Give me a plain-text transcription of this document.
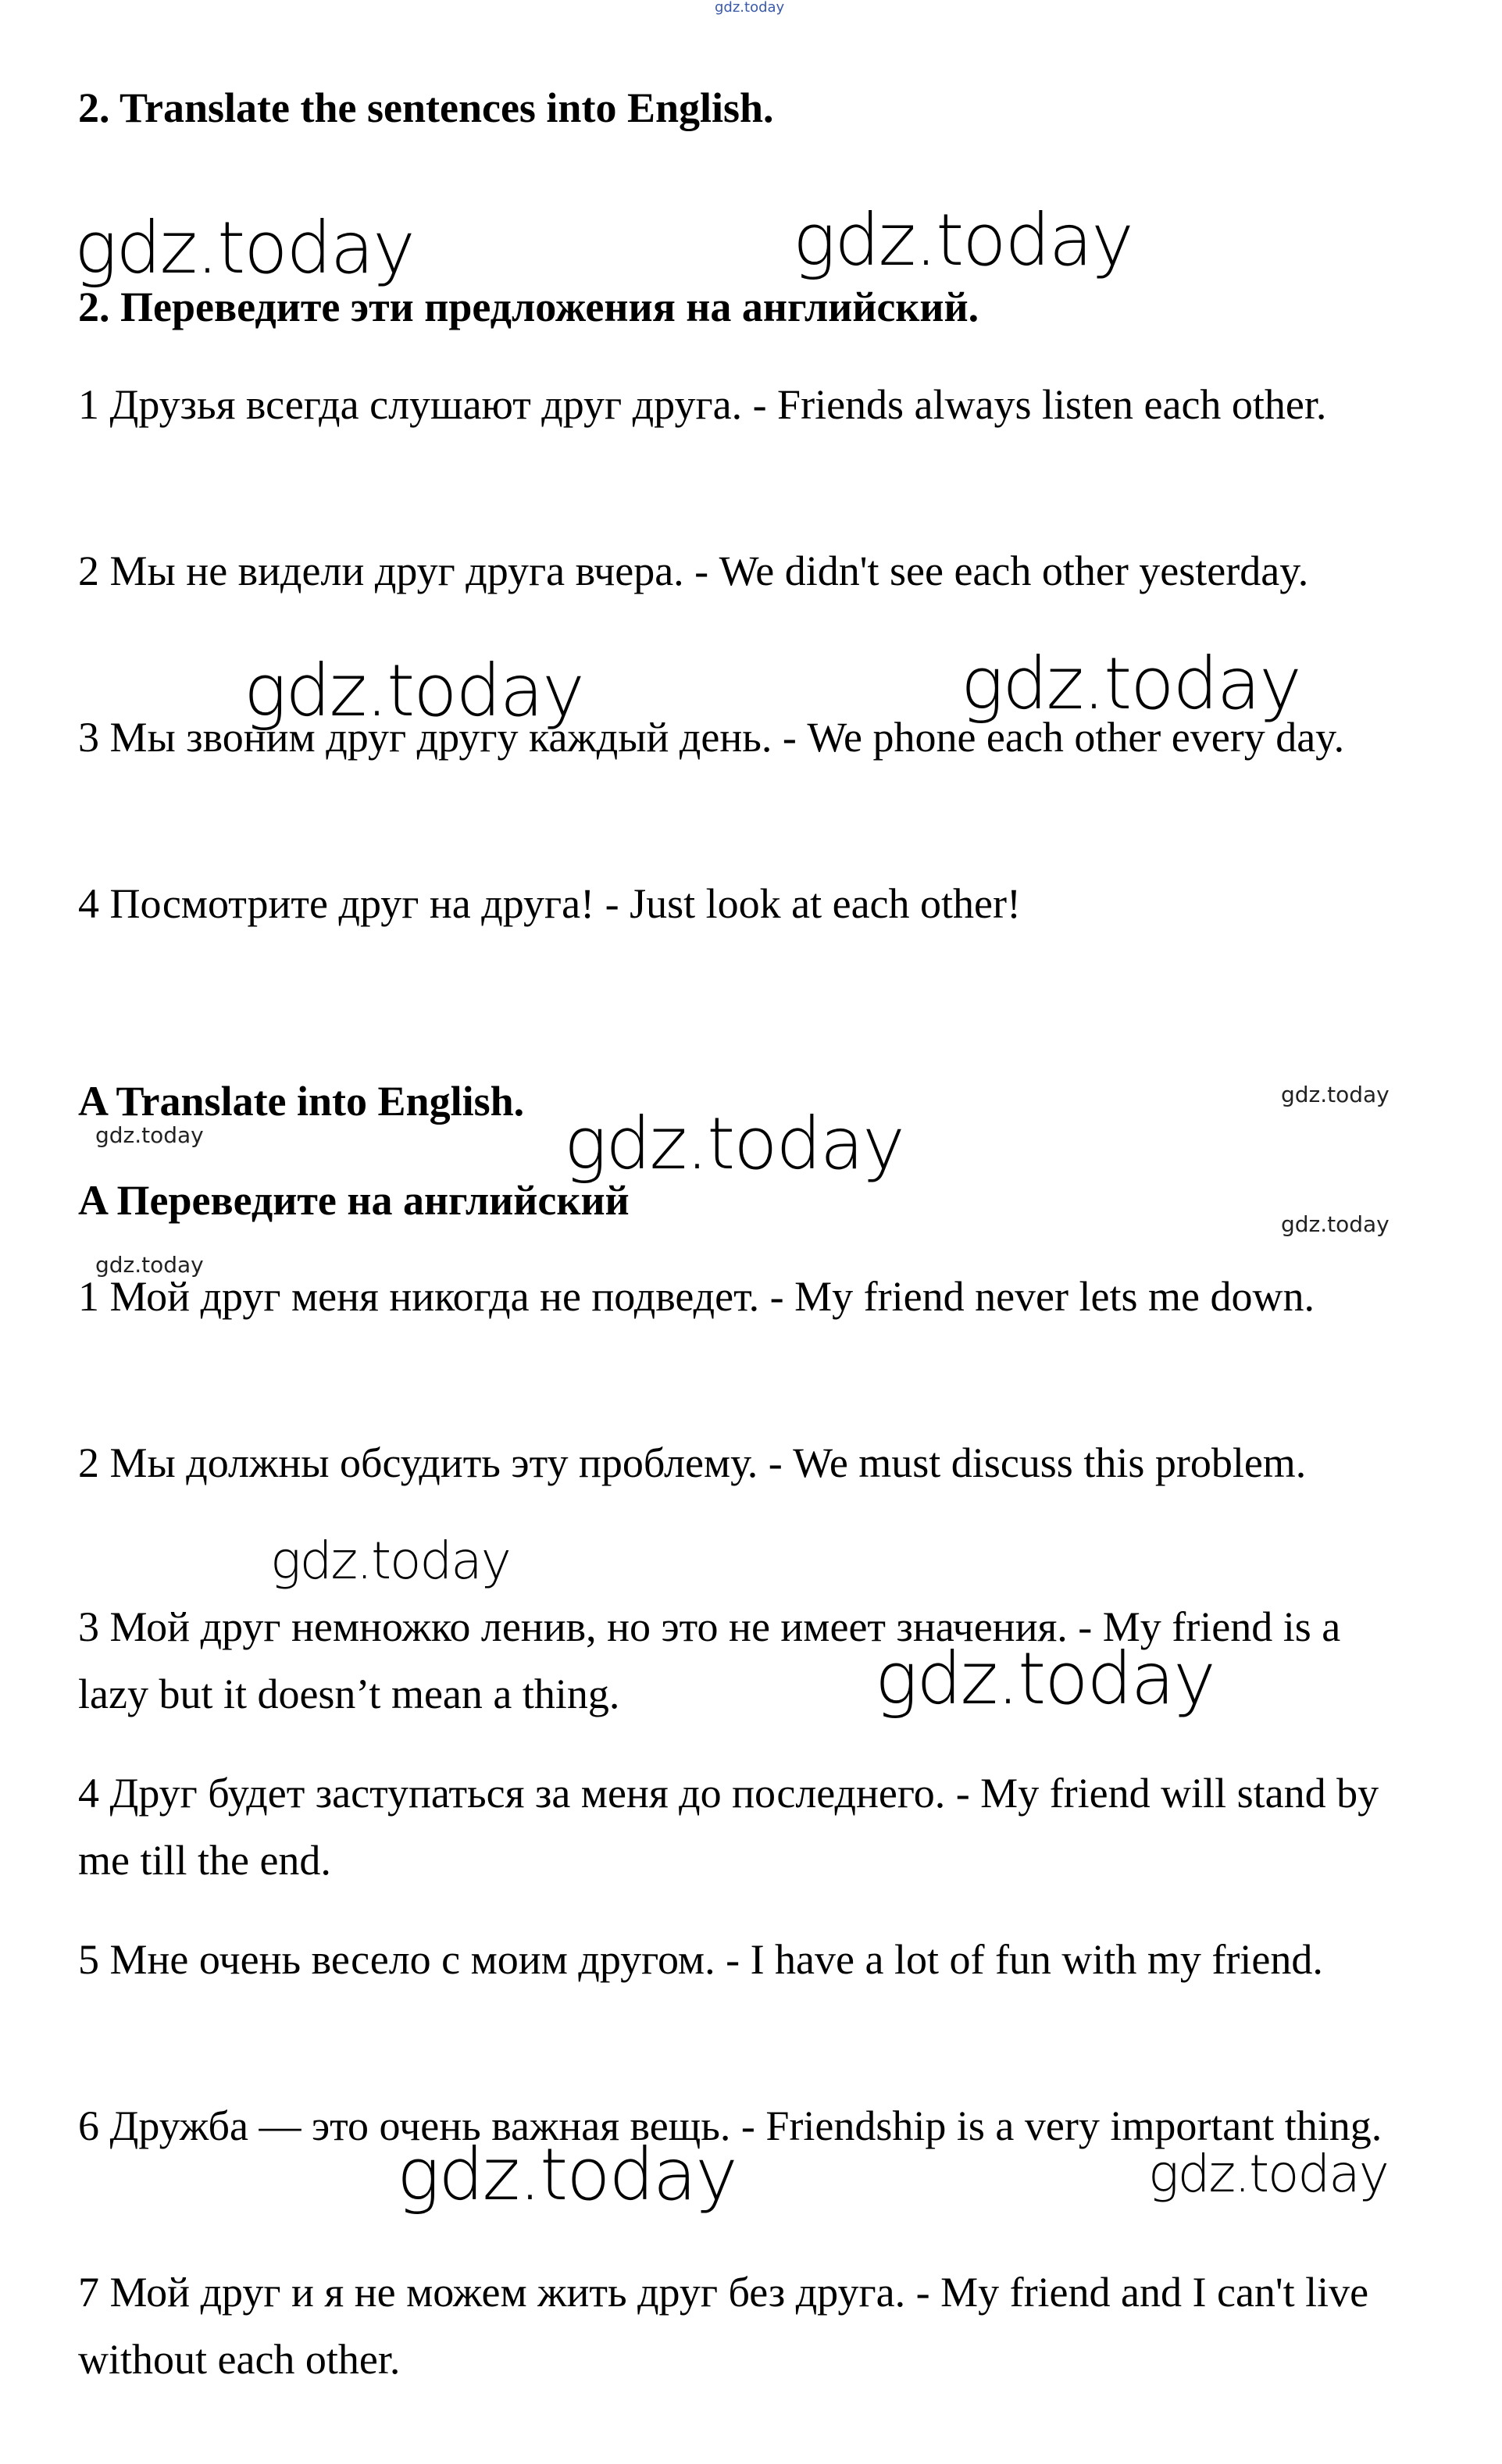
2. Translate the sentences into English.
2. Переведите эти предложения на английский.
1 Друзья всегда слушают друг друга. - Friends always listen each other.
2 Мы не видели друг друга вчера. - We didn't see each other yesterday.
3 Мы звоним друг другу каждый день. - We phone each other every day.
4 Посмотрите друг на друга! - Just look at each other!
A Translate into English.
A Переведите на английский
1 Мой друг меня никогда не подведет. - My friend never lets me down.
2 Мы должны обсудить эту проблему. - We must discuss this problem.
3 Мой друг немножко ленив, но это не имеет значения. - My friend is a lazy but it doesn’t mean a thing.
4 Друг будет заступаться за меня до последнего. - My friend will stand by me till the end.
5 Мне очень весело с моим другом. - I have a lot of fun with my friend.
6 Дружба — это очень важная вещь. - Friendship is a very important thing.
7 Мой друг и я не можем жить друг без друга. - My friend and I can't live without each other.
gdz.today
gdz.today	gdz.today
gdz.today	gdz.today
gdz.today
gdz.today
gdz.today
gdz.today	gdz.today
gdz.today
gdz.today
gdz.today
gdz.today
